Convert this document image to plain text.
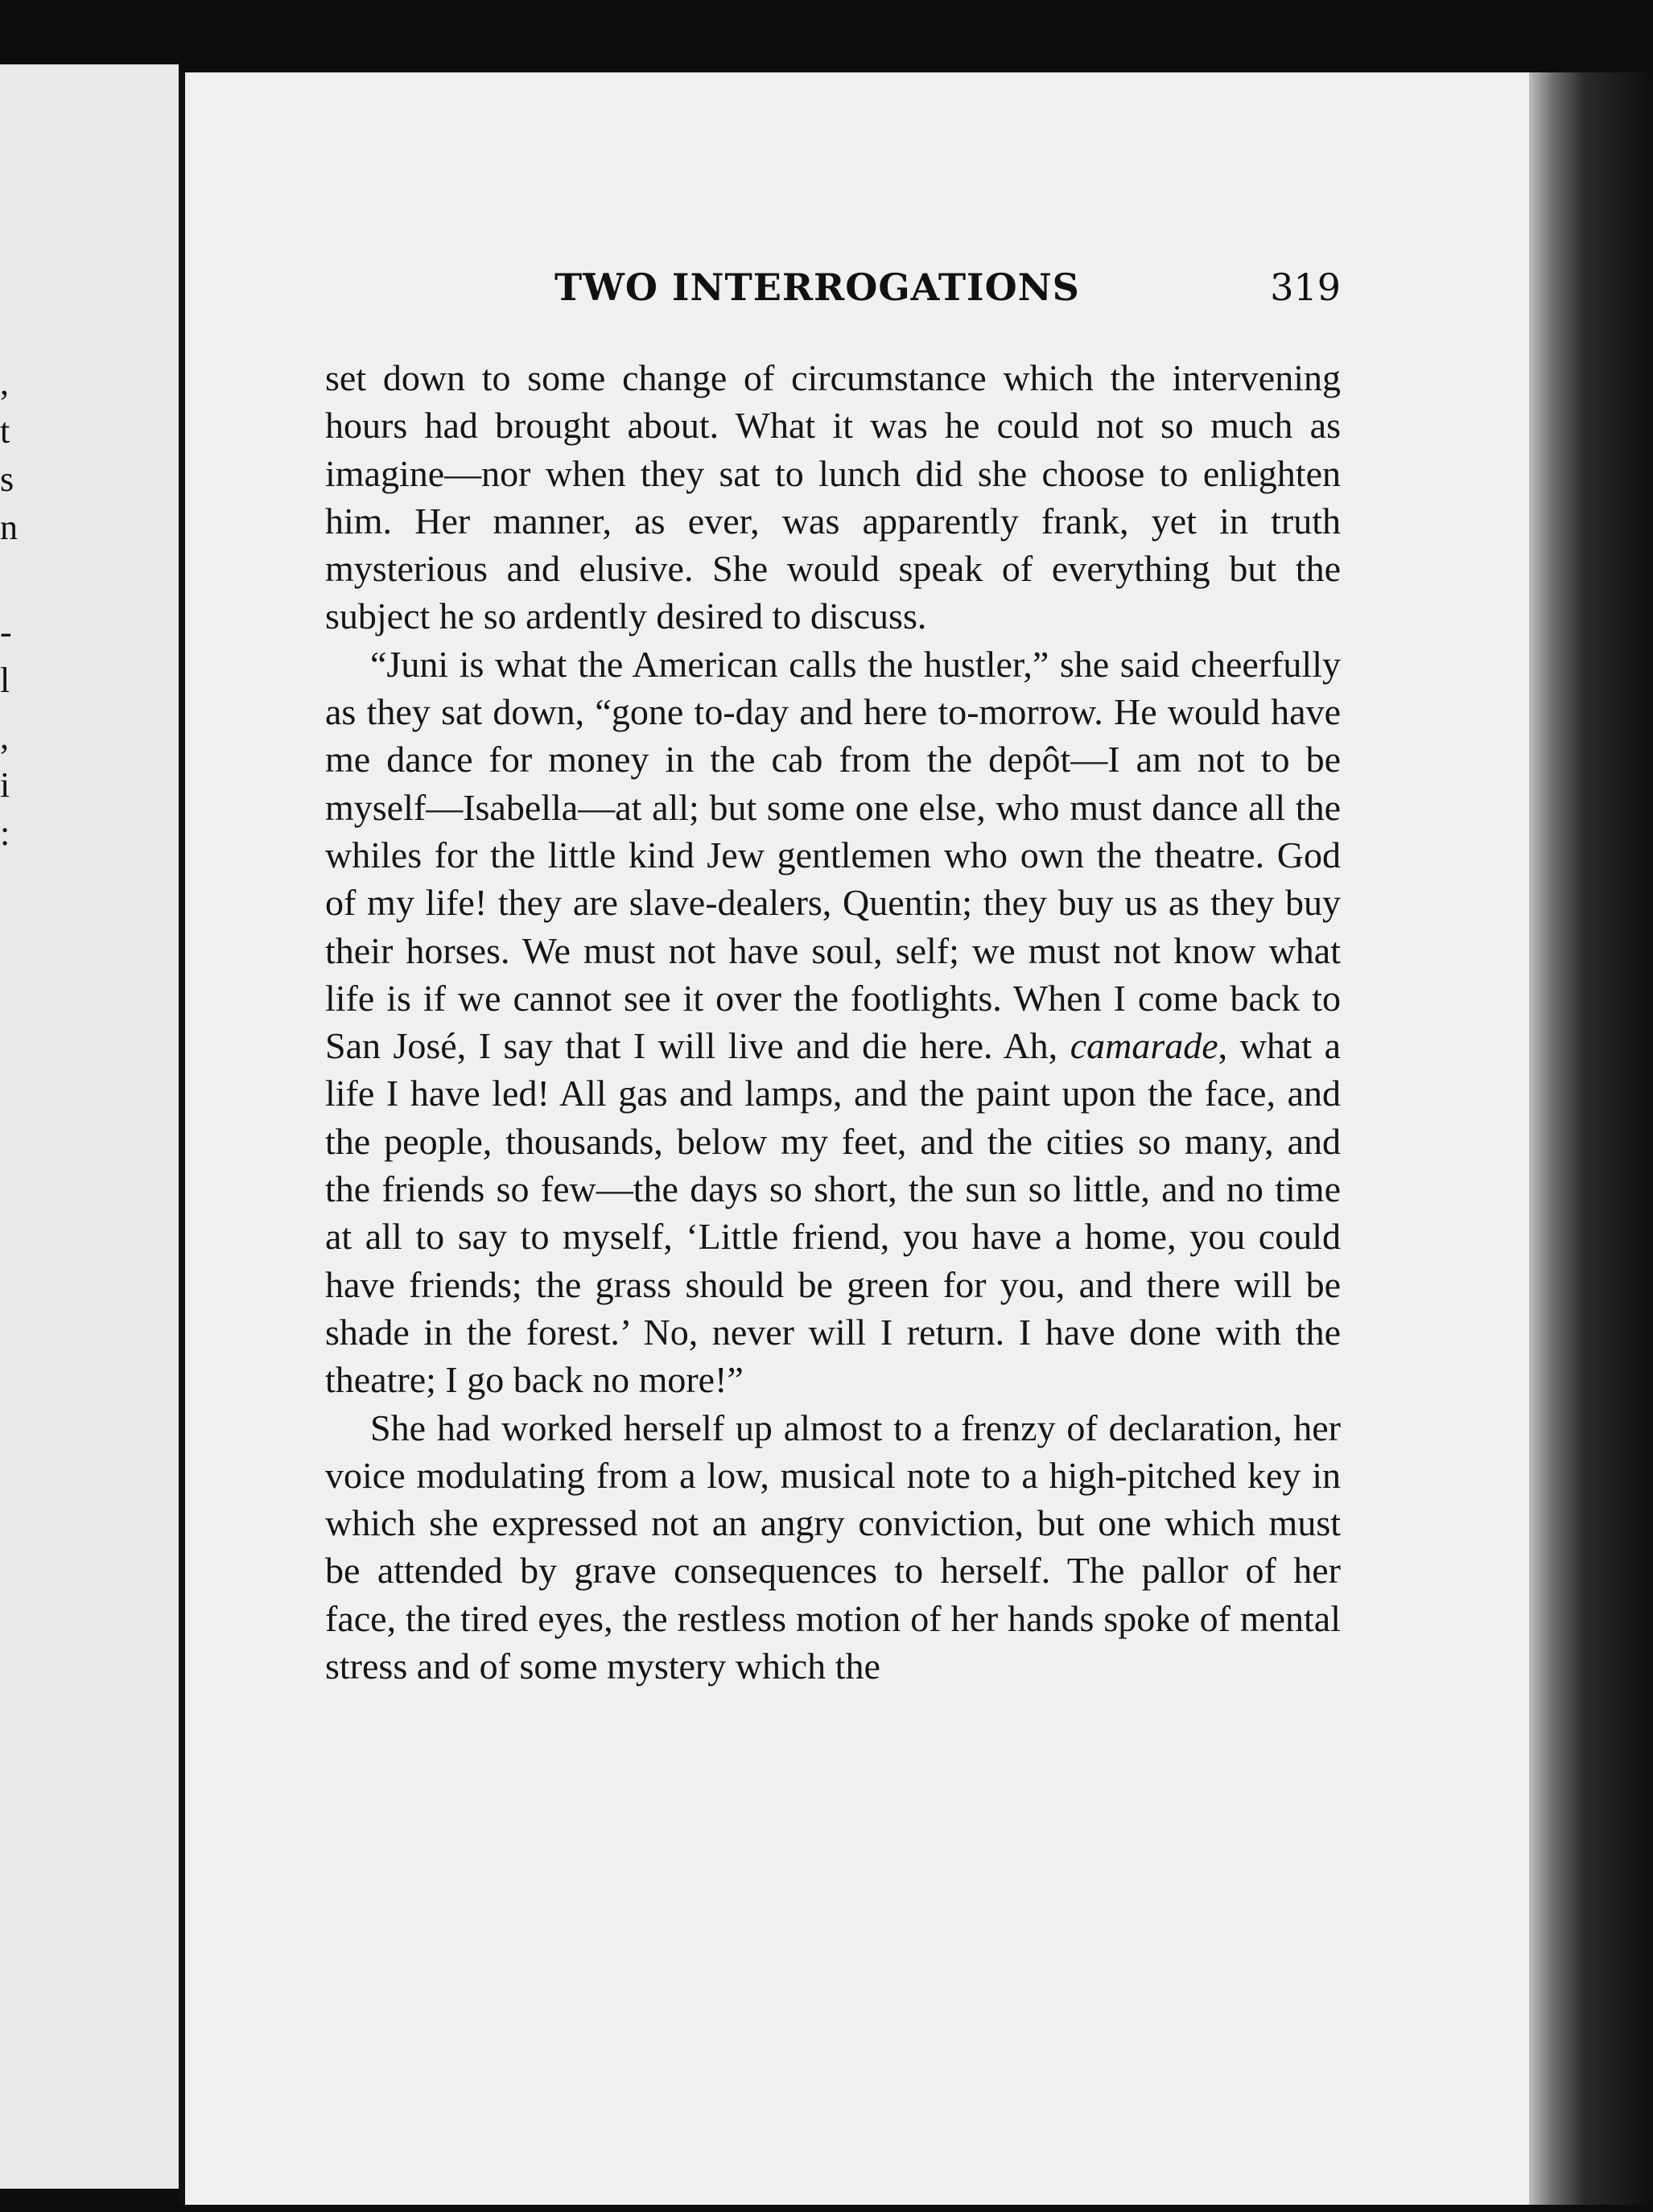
,
t
s
n
-
l
,
i
:
TWO INTERROGATIONS	319

set down to some change of circumstance which the intervening hours had brought about. What it was he could not so much as imagine—nor when they sat to lunch did she choose to enlighten him. Her manner, as ever, was apparently frank, yet in truth mysterious and elusive. She would speak of everything but the subject he so ardently desired to discuss.

“Juni is what the American calls the hustler,” she said cheerfully as they sat down, “gone to-day and here to-morrow. He would have me dance for money in the cab from the depôt—I am not to be myself—Isabella—at all; but some one else, who must dance all the whiles for the little kind Jew gentlemen who own the theatre. God of my life! they are slave-dealers, Quentin; they buy us as they buy their horses. We must not have soul, self; we must not know what life is if we cannot see it over the footlights. When I come back to San José, I say that I will live and die here. Ah, camarade, what a life I have led! All gas and lamps, and the paint upon the face, and the people, thousands, below my feet, and the cities so many, and the friends so few—the days so short, the sun so little, and no time at all to say to myself, ‘Little friend, you have a home, you could have friends; the grass should be green for you, and there will be shade in the forest.’ No, never will I return. I have done with the theatre; I go back no more!”

She had worked herself up almost to a frenzy of declaration, her voice modulating from a low, musical note to a high-pitched key in which she expressed not an angry conviction, but one which must be attended by grave consequences to herself. The pallor of her face, the tired eyes, the restless motion of her hands spoke of mental stress and of some mystery which the
